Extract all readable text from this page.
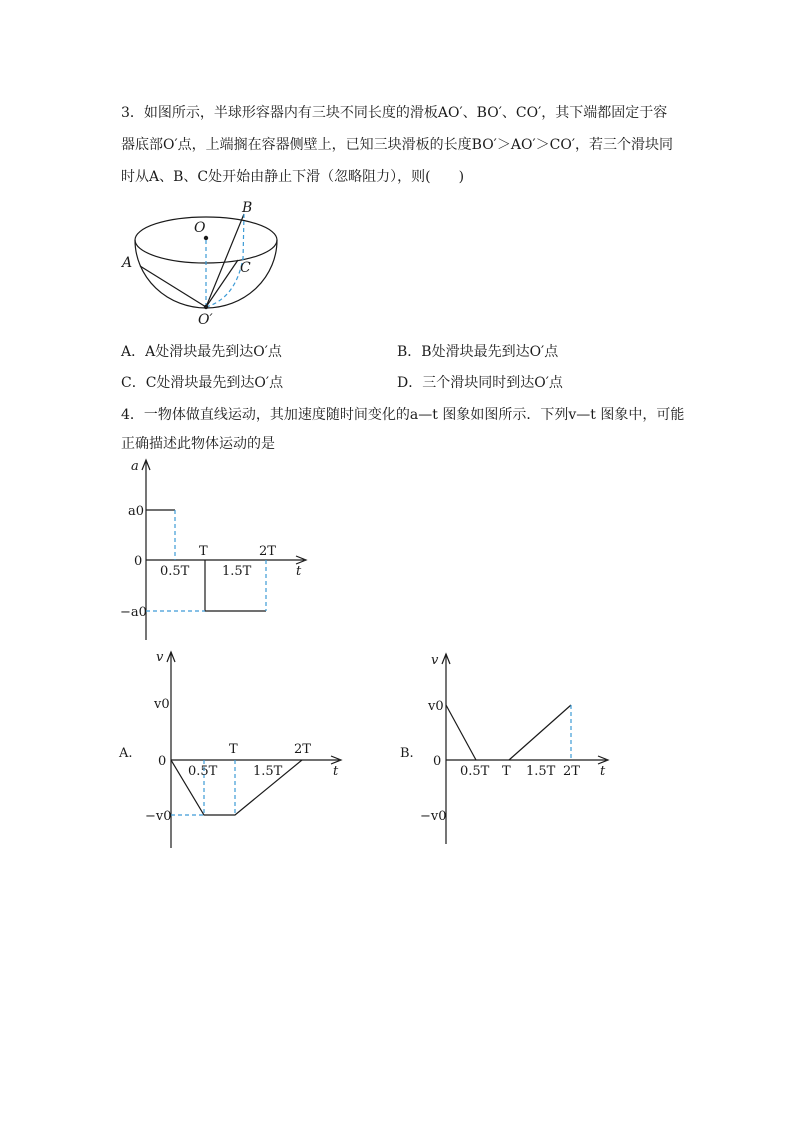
3．如图所示，半球形容器内有三块不同长度的滑板AO′、BO′、CO′，其下端都固定于容
器底部O′点，上端搁在容器侧壁上，已知三块滑板的长度BO′＞AO′＞CO′，若三个滑块同
时从A、B、C处开始由静止下滑（忽略阻力），则(　　)
O
A
B
C
O′
A．A处滑块最先到达O′点	B．B处滑块最先到达O′点
C．C处滑块最先到达O′点	D．三个滑块同时到达O′点
4．一物体做直线运动，其加速度随时间变化的a—t 图象如图所示．下列v—t 图象中，可能
正确描述此物体运动的是
a
t
0
a0
−a0
0.5T	1.5T
T	2T
A.
v
t
0
v0
−v0
0.5T	1.5T
T	2T	B.
v
t
0
v0
−v0
0.5T T 1.5T 2T
